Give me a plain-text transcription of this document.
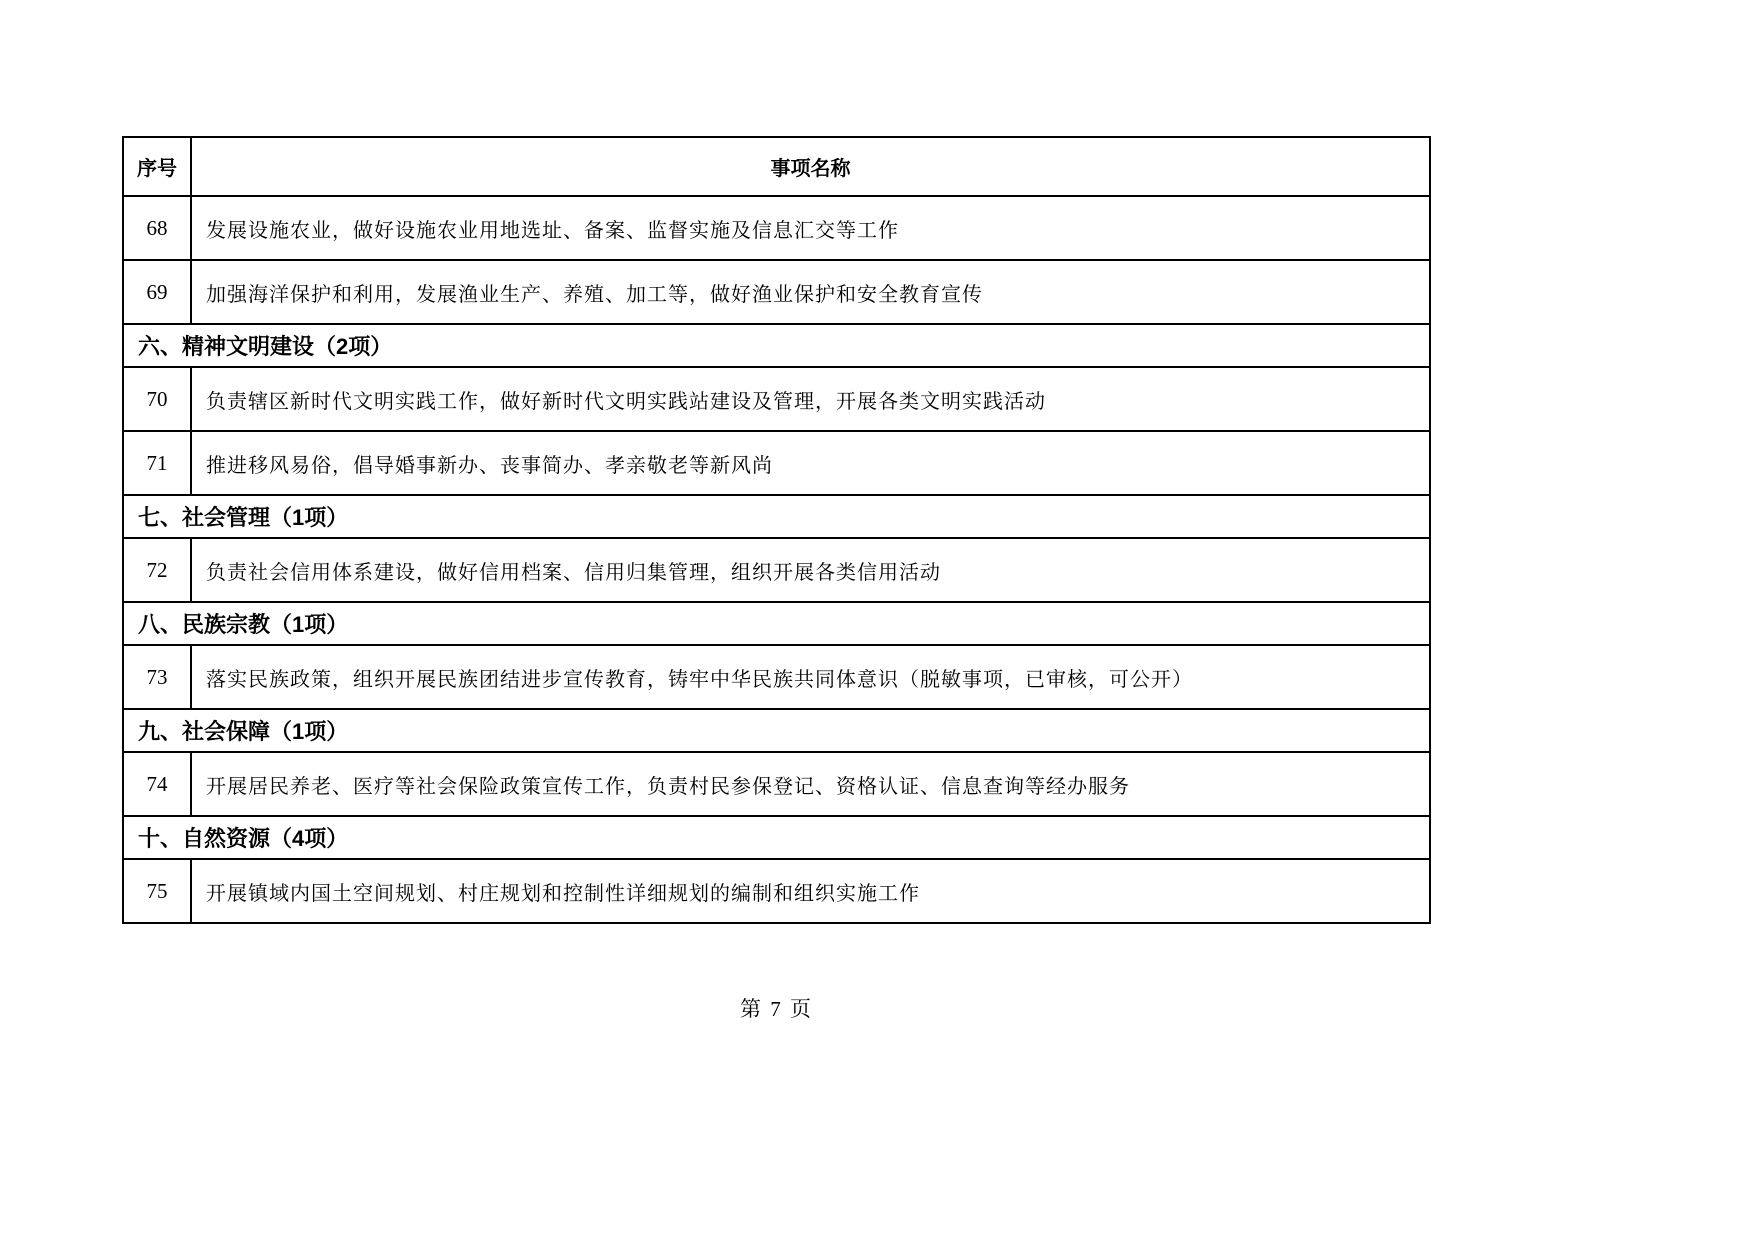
序号	事项名称
68	发展设施农业，做好设施农业用地选址、备案、监督实施及信息汇交等工作
69	加强海洋保护和利用，发展渔业生产、养殖、加工等，做好渔业保护和安全教育宣传
六、精神文明建设（2项）	
70	负责辖区新时代文明实践工作，做好新时代文明实践站建设及管理，开展各类文明实践活动
71	推进移风易俗，倡导婚事新办、丧事简办、孝亲敬老等新风尚
七、社会管理（1项）	
72	负责社会信用体系建设，做好信用档案、信用归集管理，组织开展各类信用活动
八、民族宗教（1项）	
73	落实民族政策，组织开展民族团结进步宣传教育，铸牢中华民族共同体意识（脱敏事项，已审核，可公开）
九、社会保障（1项）	
74	开展居民养老、医疗等社会保险政策宣传工作，负责村民参保登记、资格认证、信息查询等经办服务
十、自然资源（4项）	
75	开展镇域内国土空间规划、村庄规划和控制性详细规划的编制和组织实施工作
第 7 页
